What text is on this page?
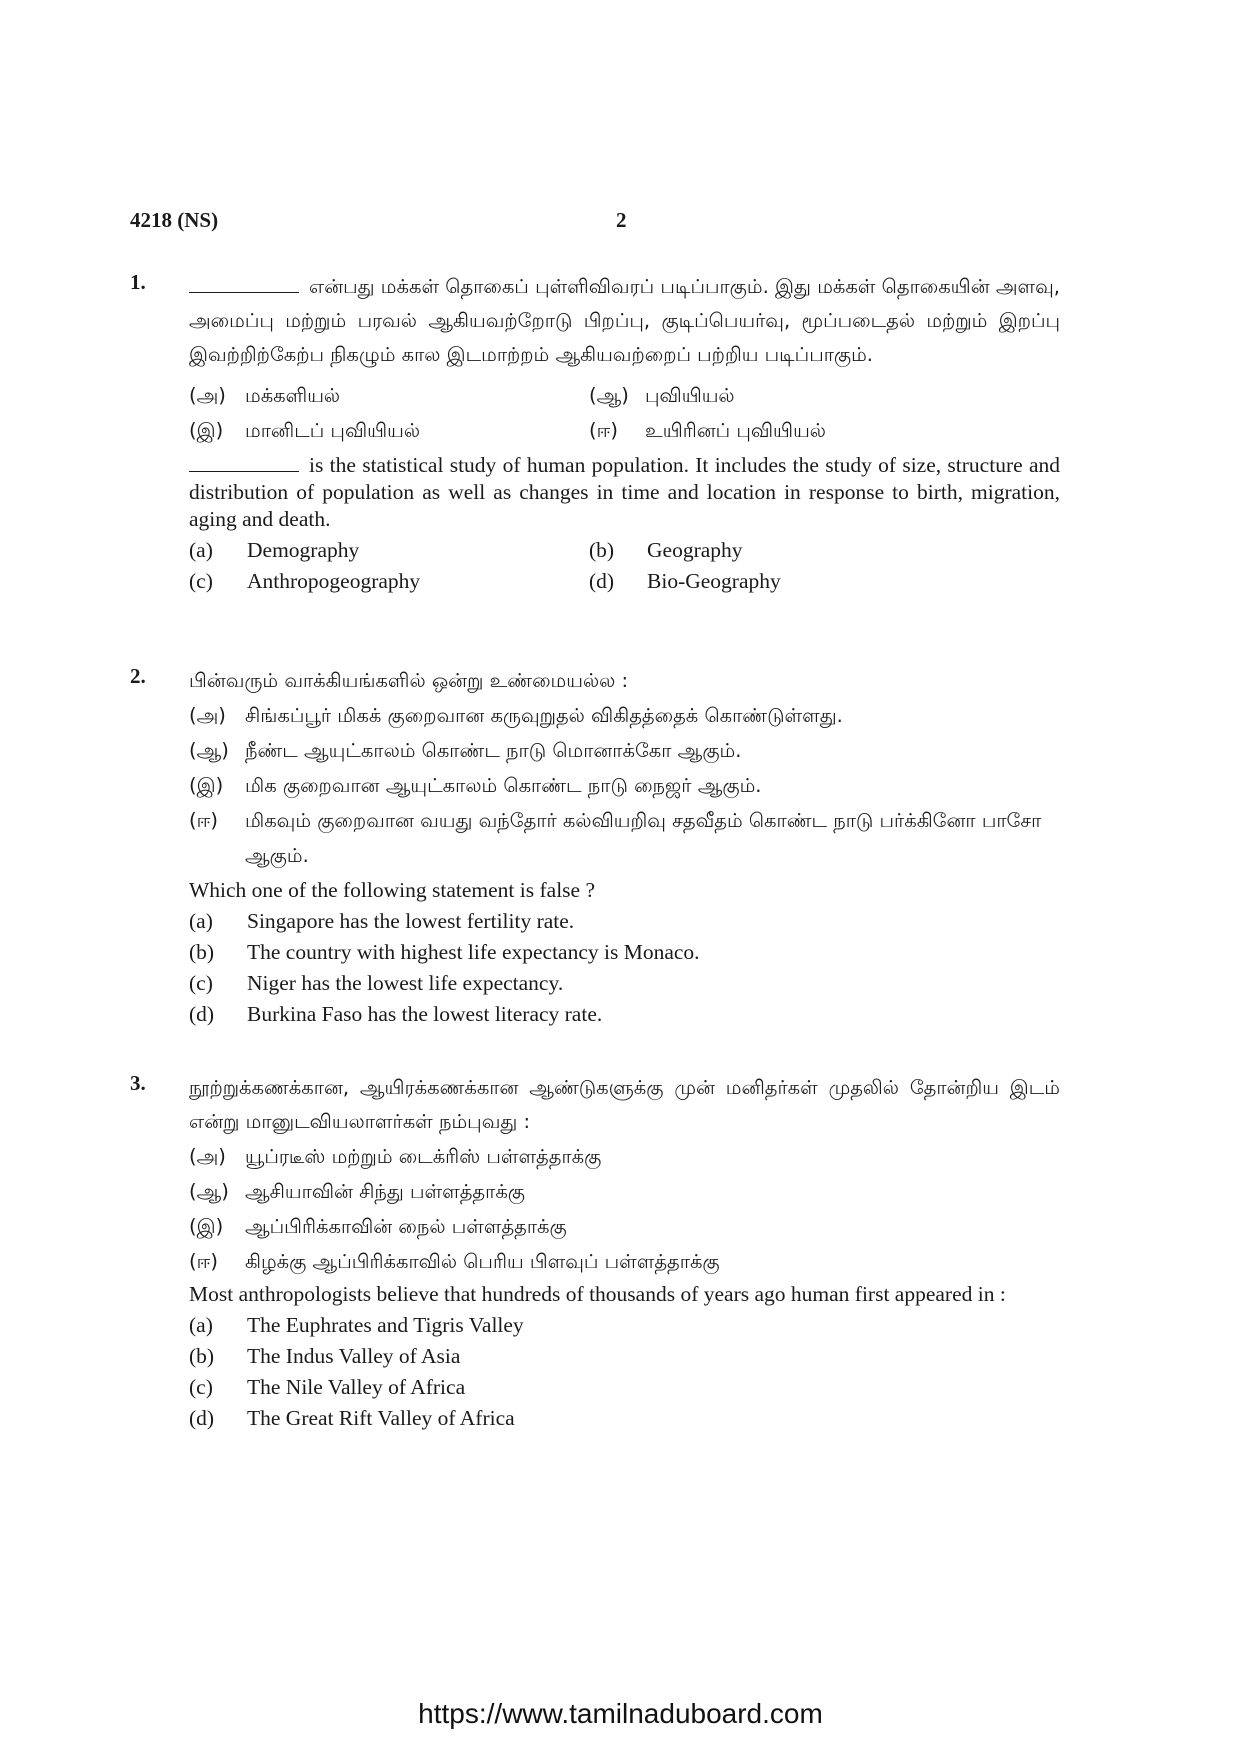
4218 (NS)	2
1.	என்பது மக்கள் தொகைப் புள்ளிவிவரப் படிப்பாகும். இது மக்கள் தொகையின் அளவு, அமைப்பு மற்றும் பரவல் ஆகியவற்றோடு பிறப்பு, குடிப்பெயர்வு, மூப்படைதல் மற்றும் இறப்பு இவற்றிற்கேற்ப நிகழும் கால இடமாற்றம் ஆகியவற்றைப் பற்றிய படிப்பாகும்.
(அ) மக்களியல்	(ஆ) புவியியல்
(இ) மானிடப் புவியியல்	(ஈ) உயிரினப் புவியியல்
is the statistical study of human population. It includes the study of size, structure and distribution of population as well as changes in time and location in response to birth, migration, aging and death.
(a)	Demography	(b)	Geography
(c)	Anthropogeography	(d)	Bio-Geography
2. பின்வரும் வாக்கியங்களில் ஒன்று உண்மையல்ல :
(அ) சிங்கப்பூர் மிகக் குறைவான கருவுறுதல் விகிதத்தைக் கொண்டுள்ளது.
(ஆ) நீண்ட ஆயுட்காலம் கொண்ட நாடு மொனாக்கோ ஆகும்.
(இ)	மிக குறைவான ஆயுட்காலம் கொண்ட நாடு நைஜர் ஆகும்.
(ஈ)	மிகவும் குறைவான வயது வந்தோர் கல்வியறிவு சதவீதம் கொண்ட நாடு பர்க்கினோ பாசோ ஆகும்.
Which one of the following statement is false ?
(a)	Singapore has the lowest fertility rate.
(b)	The country with highest life expectancy is Monaco.
(c)	Niger has the lowest life expectancy.
(d)	Burkina Faso has the lowest literacy rate.
3. நூற்றுக்கணக்கான, ஆயிரக்கணக்கான ஆண்டுகளுக்கு முன் மனிதர்கள் முதலில் தோன்றிய இடம் என்று மானுடவியலாளர்கள் நம்புவது :
(அ) யூப்ரடீஸ் மற்றும் டைக்ரிஸ் பள்ளத்தாக்கு
(ஆ) ஆசியாவின் சிந்து பள்ளத்தாக்கு
(இ)	ஆப்பிரிக்காவின் நைல் பள்ளத்தாக்கு
(ஈ)	கிழக்கு ஆப்பிரிக்காவில் பெரிய பிளவுப் பள்ளத்தாக்கு
Most anthropologists believe that hundreds of thousands of years ago human first appeared in :
(a)	The Euphrates and Tigris Valley
(b)	The Indus Valley of Asia
(c)	The Nile Valley of Africa
(d)	The Great Rift Valley of Africa
https://www.tamilnaduboard.com
